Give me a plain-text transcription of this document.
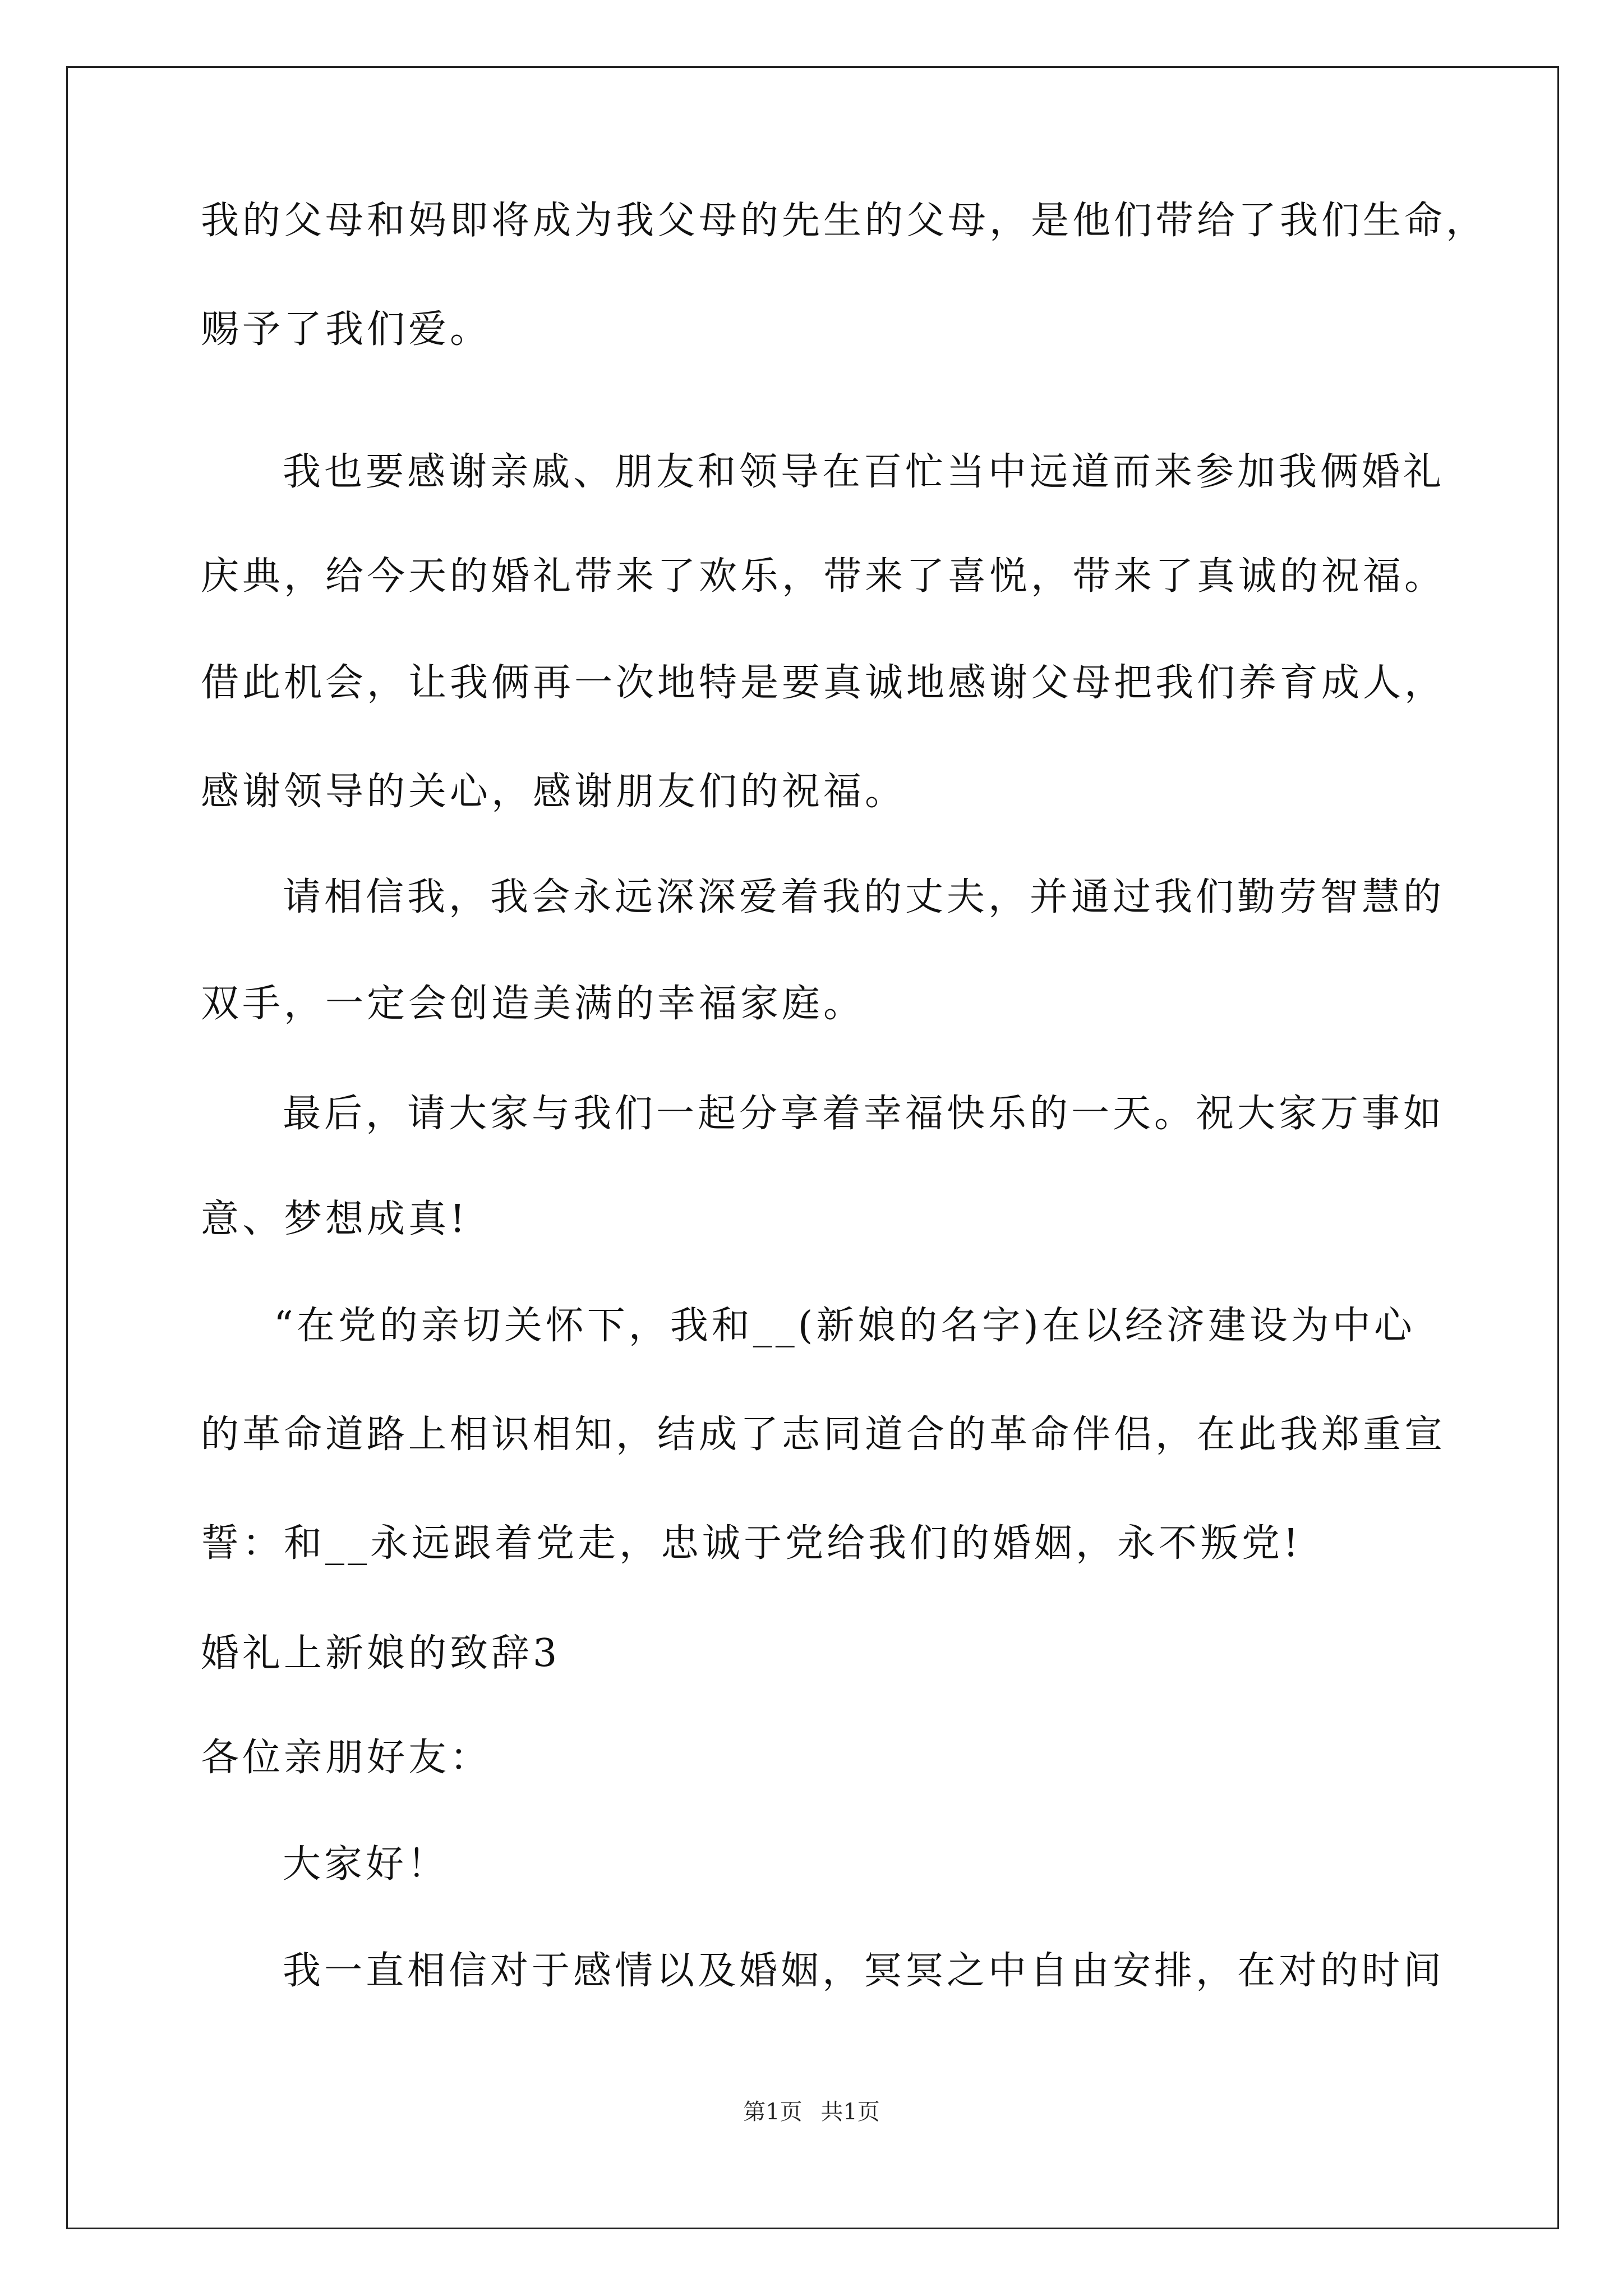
我的父母和妈即将成为我父母的先生的父母，是他们带给了我们生命，
赐予了我们爱。
我也要感谢亲戚、朋友和领导在百忙当中远道而来参加我俩婚礼
庆典，给今天的婚礼带来了欢乐，带来了喜悦，带来了真诚的祝福。
借此机会，让我俩再一次地特是要真诚地感谢父母把我们养育成人，
感谢领导的关心，感谢朋友们的祝福。
请相信我，我会永远深深爱着我的丈夫，并通过我们勤劳智慧的
双手，一定会创造美满的幸福家庭。
最后，请大家与我们一起分享着幸福快乐的一天。祝大家万事如
意、梦想成真!
“在党的亲切关怀下，我和__(新娘的名字)在以经济建设为中心
的革命道路上相识相知，结成了志同道合的革命伴侣，在此我郑重宣
誓：和__永远跟着党走，忠诚于党给我们的婚姻，永不叛党!
婚礼上新娘的致辞3
各位亲朋好友：
大家好！
我一直相信对于感情以及婚姻，冥冥之中自由安排，在对的时间
第1页 共1页
